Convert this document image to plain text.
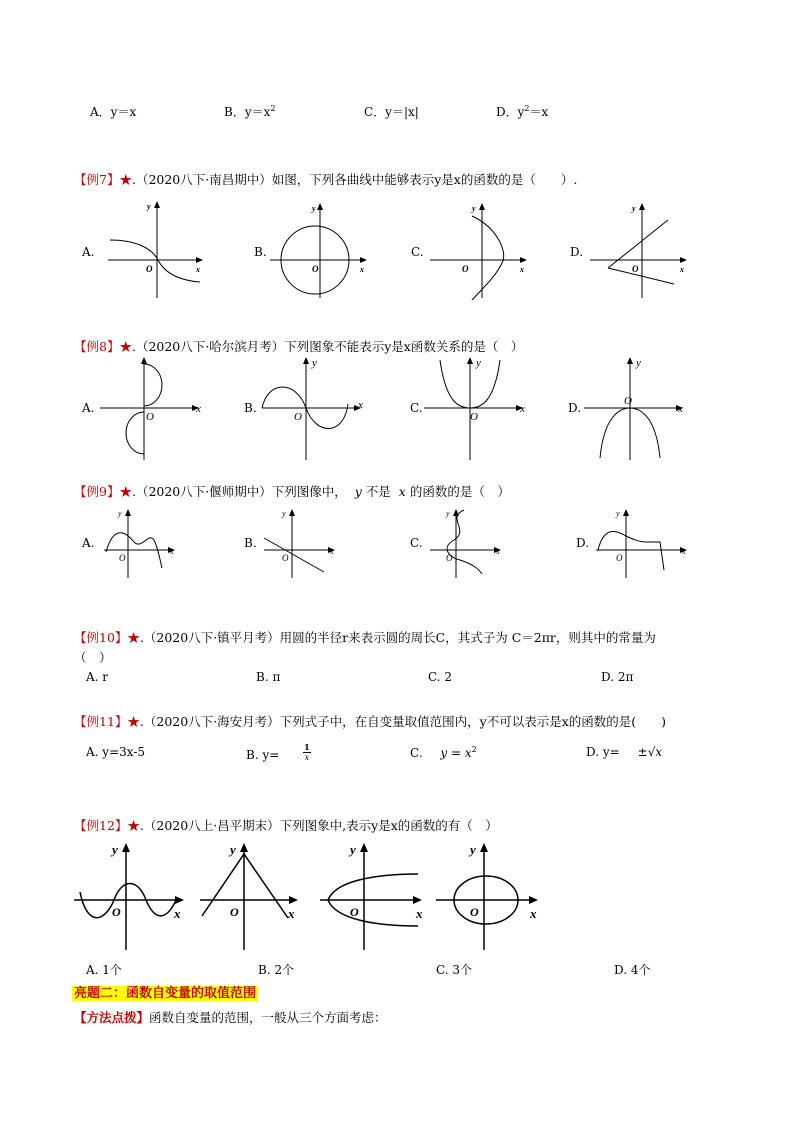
A．y＝x	B．$y=x^2$	C．y＝|x|	D．$y^2=x$
【例7】★.（2020八下·南昌期中）如图，下列各曲线中能够表示y是x的函数的是（　　）.
A.	B.	C.	D.
y
O	x
y
O	x
y
O	x
y
O	x
【例8】★.（2020八下·哈尔滨月考）下列图象不能表示y是x函数关系的是（　）
A.	B.	C.	D.
O
x
y
O
x
y
O
x
y
O
x
【例9】★.（2020八下·偃师期中）下列图像中， y 不是 x 的函数的是（　）
A.	B.	C.	D.
y
O
x
y
O
x
y
O
x
y
O
x
【例10】★.（2020八下·镇平月考）用圆的半径r来表示圆的周长C，其式子为 C＝2πr，则其中的常量为
（　）
A. r	B. π	C. 2	D. 2π
【例11】★.（2020八下·海安月考）下列式子中，在自变量取值范围内，y不可以表示是x的函数的是(　　)
A. y=3x-5	B. y=	$\frac{1}{x}$	C. $y = x^2$	D. y= ±√x
【例12】★.（2020八上·昌平期末）下列图象中,表示y是x的函数的有（　）
y
O	x
y
O	x
y
O	x
y
O	x
A. 1个	B. 2个	C. 3个	D. 4个
亮题二：函数自变量的取值范围
【方法点拨】函数自变量的范围，一般从三个方面考虑：
